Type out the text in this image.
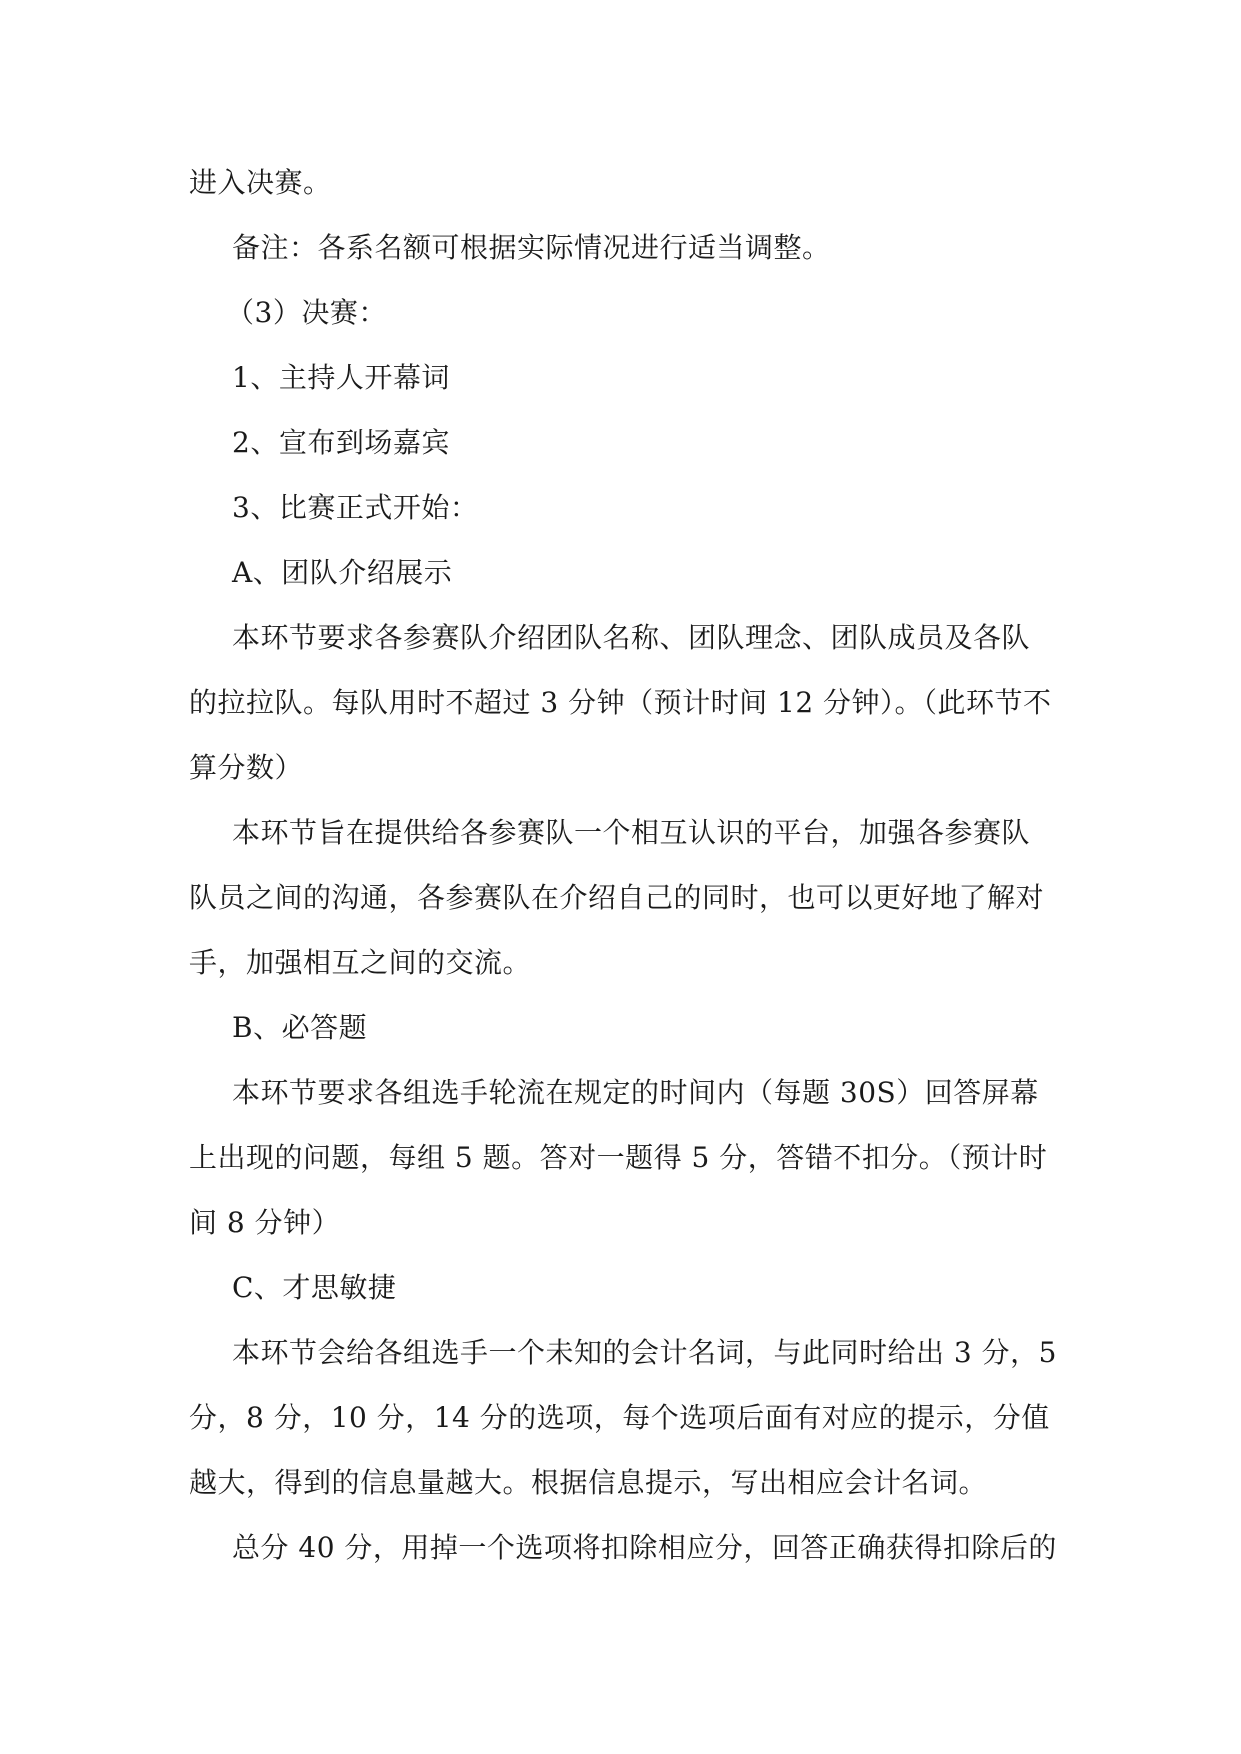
进入决赛。
备注：各系名额可根据实际情况进行适当调整。
（3）决赛：
1、主持人开幕词
2、宣布到场嘉宾
3、比赛正式开始：
A、团队介绍展示
本环节要求各参赛队介绍团队名称、团队理念、团队成员及各队
的拉拉队。每队用时不超过 3 分钟（预计时间 12 分钟）。（此环节不
算分数）
本环节旨在提供给各参赛队一个相互认识的平台，加强各参赛队
队员之间的沟通，各参赛队在介绍自己的同时，也可以更好地了解对
手，加强相互之间的交流。
B、必答题
本环节要求各组选手轮流在规定的时间内（每题 30S）回答屏幕
上出现的问题，每组 5 题。答对一题得 5 分，答错不扣分。（预计时
间 8 分钟）
C、才思敏捷
本环节会给各组选手一个未知的会计名词，与此同时给出 3 分，5
分，8 分，10 分，14 分的选项，每个选项后面有对应的提示，分值
越大，得到的信息量越大。根据信息提示，写出相应会计名词。
总分 40 分，用掉一个选项将扣除相应分，回答正确获得扣除后的
